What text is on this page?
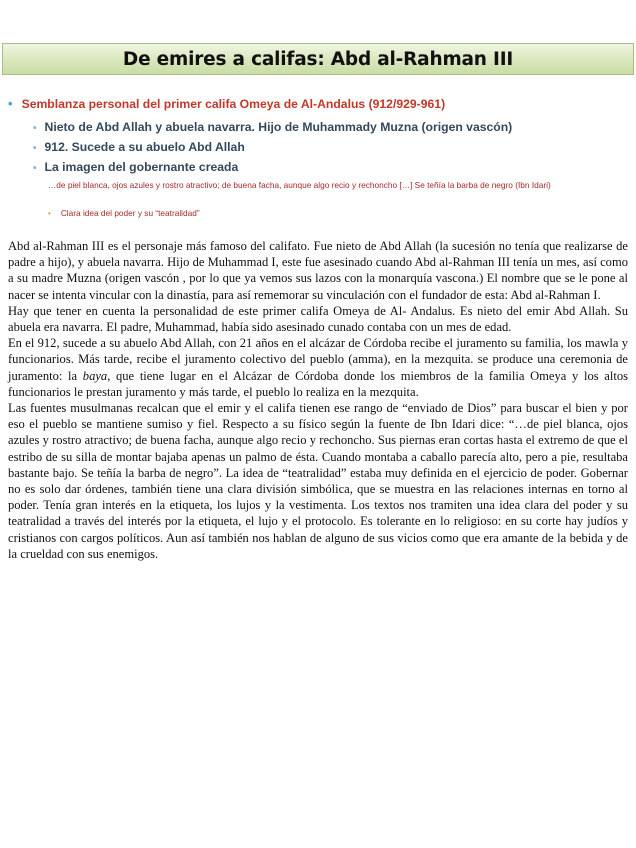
De emires a califas: Abd al-Rahman III
• Semblanza personal del primer califa Omeya de Al-Andalus (912/929-961)
• Nieto de Abd Allah y abuela navarra. Hijo de Muhammady Muzna (origen vascón)
• 912. Sucede a su abuelo Abd Allah
• La imagen del gobernante creada
…de piel blanca, ojos azules y rostro atractivo; de buena facha, aunque algo recio y rechoncho […] Se teñía la barba de negro (Ibn Idari)
• Clara idea del poder y su “teatralidad”

Abd al-Rahman III es el personaje más famoso del califato. Fue nieto de Abd Allah (la sucesión no tenía que realizarse de padre a hijo), y abuela navarra. Hijo de Muhammad I, este fue asesinado cuando Abd al-Rahman III tenía un mes, así como a su madre Muzna (origen vascón , por lo que ya vemos sus lazos con la monarquía vascona.) El nombre que se le pone al nacer se intenta vincular con la dinastía, para así rememorar su vinculación con el fundador de esta: Abd al-Rahman I.

Hay que tener en cuenta la personalidad de este primer califa Omeya de Al- Andalus. Es nieto del emir Abd Allah. Su abuela era navarra. El padre, Muhammad, había sido asesinado cunado contaba con un mes de edad.

En el 912, sucede a su abuelo Abd Allah, con 21 años en el alcázar de Córdoba recibe el juramento su familia, los mawla y funcionarios. Más tarde, recibe el juramento colectivo del pueblo (amma), en la mezquita. se produce una ceremonia de juramento: la baya, que tiene lugar en el Alcázar de Córdoba donde los miembros de la familia Omeya y los altos funcionarios le prestan juramento y más tarde, el pueblo lo realiza en la mezquita.

Las fuentes musulmanas recalcan que el emir y el califa tienen ese rango de “enviado de Dios” para buscar el bien y por eso el pueblo se mantiene sumiso y fiel. Respecto a su físico según la fuente de Ibn Idari dice: “…de piel blanca, ojos azules y rostro atractivo; de buena facha, aunque algo recio y rechoncho. Sus piernas eran cortas hasta el extremo de que el estribo de su silla de montar bajaba apenas un palmo de ésta. Cuando montaba a caballo parecía alto, pero a pie, resultaba bastante bajo. Se teñía la barba de negro”. La idea de “teatralidad” estaba muy definida en el ejercicio de poder. Gobernar no es solo dar órdenes, también tiene una clara división simbólica, que se muestra en las relaciones internas en torno al poder. Tenía gran interés en la etiqueta, los lujos y la vestimenta. Los textos nos tramiten una idea clara del poder y su teatralidad a través del interés por la etiqueta, el lujo y el protocolo. Es tolerante en lo religioso: en su corte hay judíos y cristianos con cargos políticos. Aun así también nos hablan de alguno de sus vicios como que era amante de la bebida y de la crueldad con sus enemigos.
